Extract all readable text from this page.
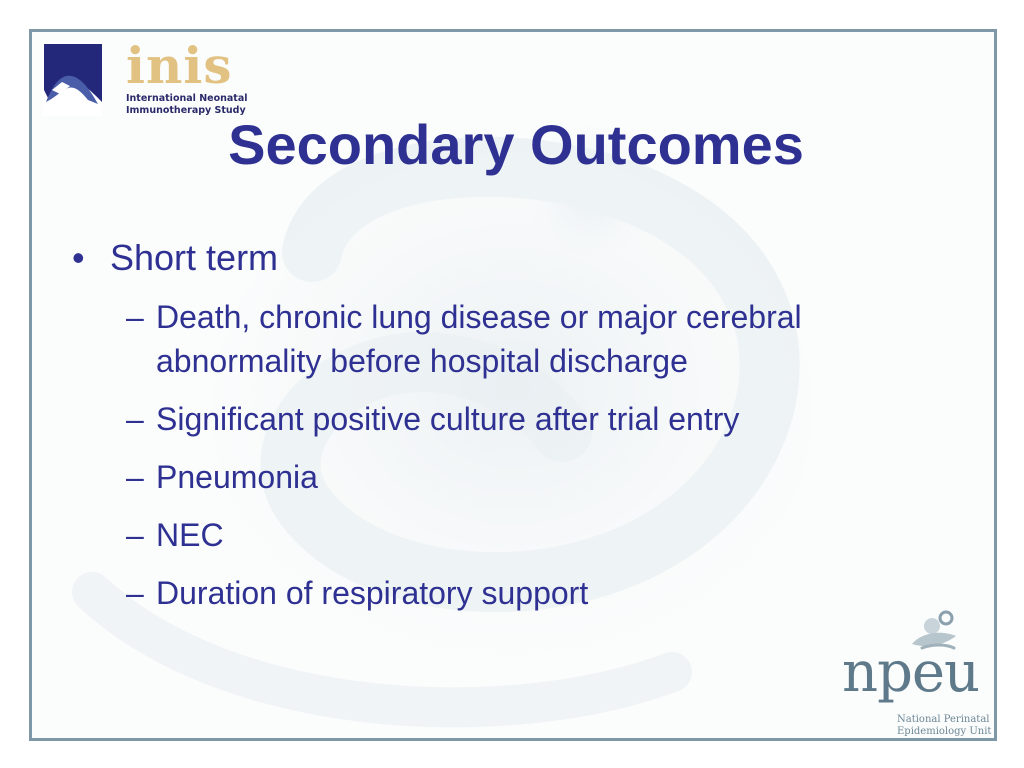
inis
International Neonatal
Immunotherapy Study
Secondary Outcomes
• Short term
– Death, chronic lung disease or major cerebral
abnormality before hospital discharge
– Significant positive culture after trial entry
– Pneumonia
– NEC
– Duration of respiratory support
npeu
National Perinatal
Epidemiology Unit
